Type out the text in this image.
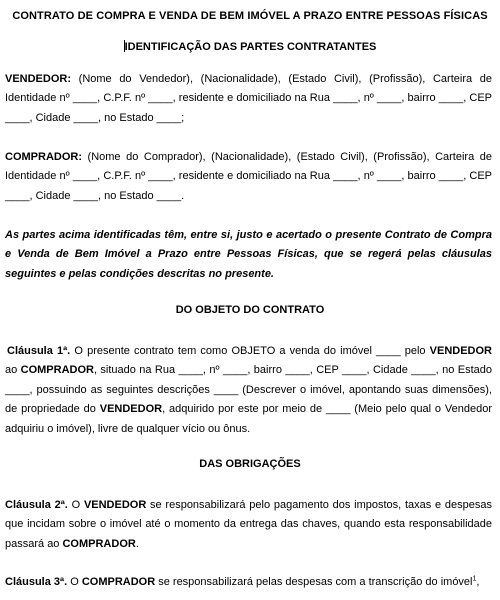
CONTRATO DE COMPRA E VENDA DE BEM IMÓVEL A PRAZO ENTRE PESSOAS FÍSICAS
IDENTIFICAÇÃO DAS PARTES CONTRATANTES
VENDEDOR: (Nome do Vendedor), (Nacionalidade), (Estado Civil), (Profissão), Carteira de Identidade nº ____, C.P.F. nº ____, residente e domiciliado na Rua ____, nº ____, bairro ____, CEP ____, Cidade ____, no Estado ____;
COMPRADOR: (Nome do Comprador), (Nacionalidade), (Estado Civil), (Profissão), Carteira de Identidade nº ____, C.P.F. nº ____, residente e domiciliado na Rua ____, nº ____, bairro ____, CEP ____, Cidade ____, no Estado ____.
As partes acima identificadas têm, entre si, justo e acertado o presente Contrato de Compra e Venda de Bem Imóvel a Prazo entre Pessoas Físicas, que se regerá pelas cláusulas seguintes e pelas condições descritas no presente.
DO OBJETO DO CONTRATO
Cláusula 1ª. O presente contrato tem como OBJETO a venda do imóvel ____ pelo VENDEDOR ao COMPRADOR, situado na Rua ____, nº ____, bairro ____, CEP ____, Cidade ____, no Estado ____, possuindo as seguintes descrições ____ (Descrever o imóvel, apontando suas dimensões), de propriedade do VENDEDOR, adquirido por este por meio de ____ (Meio pelo qual o Vendedor adquiriu o imóvel), livre de qualquer vício ou ônus.
DAS OBRIGAÇÕES
Cláusula 2ª. O VENDEDOR se responsabilizará pelo pagamento dos impostos, taxas e despesas que incidam sobre o imóvel até o momento da entrega das chaves, quando esta responsabilidade passará ao COMPRADOR.
Cláusula 3ª. O COMPRADOR se responsabilizará pelas despesas com a transcrição do imóvel$^1$,
